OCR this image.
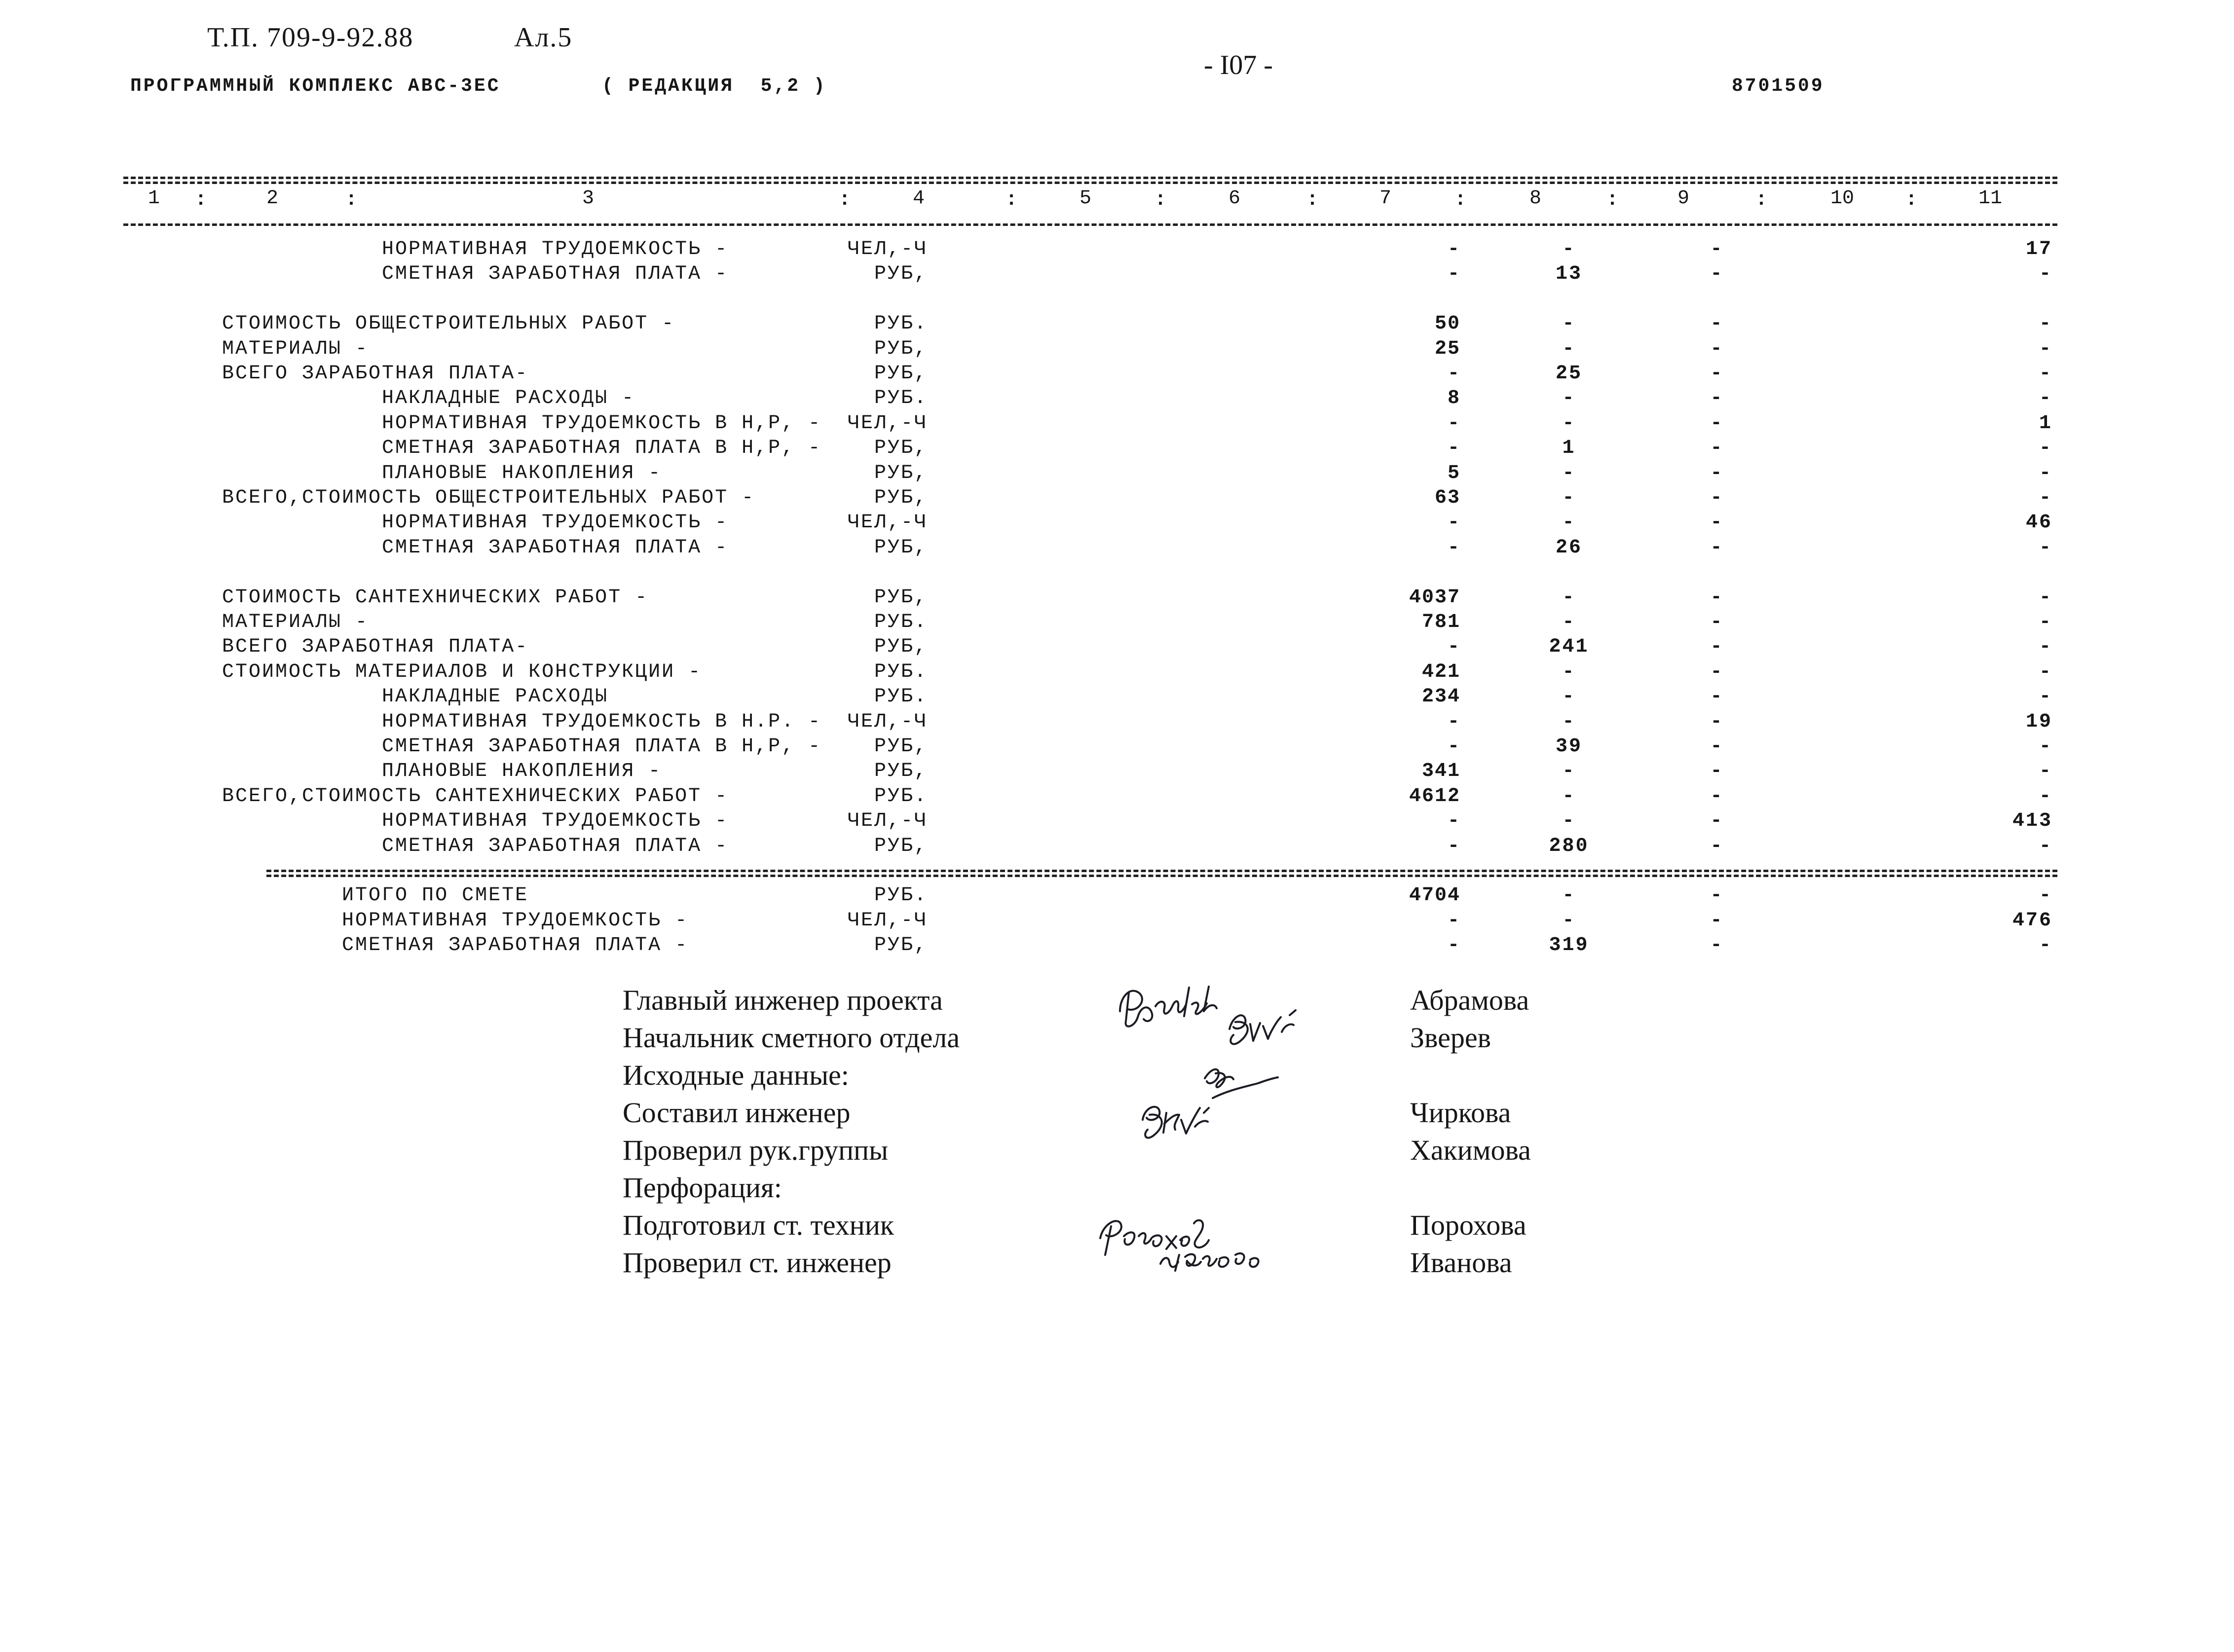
Т.П. 709-9-92.88	Ал.5
- I07 -
ПРОГРАММНЫЙ КОМПЛЕКС АВС-3ЕС	( РЕДАКЦИЯ  5,2 )	8701509
1	2	3	4	5	6	7	8	9	10	11
:	:	:	:	:	:	:	:	:	:
НОРМАТИВНАЯ ТРУДОЕМКОСТЬ -	ЧЕЛ,-Ч	-	-	-	17
СМЕТНАЯ ЗАРАБОТНАЯ ПЛАТА -	РУБ,	-	13	-	-
СТОИМОСТЬ ОБЩЕСТРОИТЕЛЬНЫХ РАБОТ -	РУБ.	50	-	-	-
МАТЕРИАЛЫ -	РУБ,	25	-	-	-
ВСЕГО ЗАРАБОТНАЯ ПЛАТА-	РУБ,	-	25	-	-
НАКЛАДНЫЕ РАСХОДЫ -	РУБ.	8	-	-	-
НОРМАТИВНАЯ ТРУДОЕМКОСТЬ В Н,Р, - ЧЕЛ,-Ч	-	-	-	1
СМЕТНАЯ ЗАРАБОТНАЯ ПЛАТА В Н,Р, - РУБ,	-	1	-	-
ПЛАНОВЫЕ НАКОПЛЕНИЯ -	РУБ,	5	-	-	-
ВСЕГО,СТОИМОСТЬ ОБЩЕСТРОИТЕЛЬНЫХ РАБОТ -	РУБ,	63	-	-	-
НОРМАТИВНАЯ ТРУДОЕМКОСТЬ -	ЧЕЛ,-Ч	-	-	-	46
СМЕТНАЯ ЗАРАБОТНАЯ ПЛАТА -	РУБ,	-	26	-	-
СТОИМОСТЬ САНТЕХНИЧЕСКИХ РАБОТ -	РУБ,	4037	-	-	-
МАТЕРИАЛЫ -	РУБ.	781	-	-	-
ВСЕГО ЗАРАБОТНАЯ ПЛАТА-	РУБ,	-	241	-	-
СТОИМОСТЬ МАТЕРИАЛОВ И КОНСТРУКЦИИ -	РУБ.	421	-	-	-
НАКЛАДНЫЕ РАСХОДЫ	РУБ.	234	-	-	-
НОРМАТИВНАЯ ТРУДОЕМКОСТЬ В Н.Р. - ЧЕЛ,-Ч	-	-	-	19
СМЕТНАЯ ЗАРАБОТНАЯ ПЛАТА В Н,Р, - РУБ,	-	39	-	-
ПЛАНОВЫЕ НАКОПЛЕНИЯ -	РУБ,	341	-	-	-
ВСЕГО,СТОИМОСТЬ САНТЕХНИЧЕСКИХ РАБОТ -	РУБ.	4612	-	-	-
НОРМАТИВНАЯ ТРУДОЕМКОСТЬ -	ЧЕЛ,-Ч	-	-	-	413
СМЕТНАЯ ЗАРАБОТНАЯ ПЛАТА -	РУБ,	-	280	-	-
ИТОГО ПО СМЕТЕ	РУБ.	4704	-	-	-
НОРМАТИВНАЯ ТРУДОЕМКОСТЬ -	ЧЕЛ,-Ч	-	-	-	476
СМЕТНАЯ ЗАРАБОТНАЯ ПЛАТА -	РУБ,	-	319	-	-
Главный инженер проекта	Абрамова
Начальник сметного отдела	Зверев
Исходные данные:
Составил инженер	Чиркова
Проверил рук.группы	Хакимова
Перфорация:
Подготовил ст. техник	Порохова
Проверил ст. инженер	Иванова
